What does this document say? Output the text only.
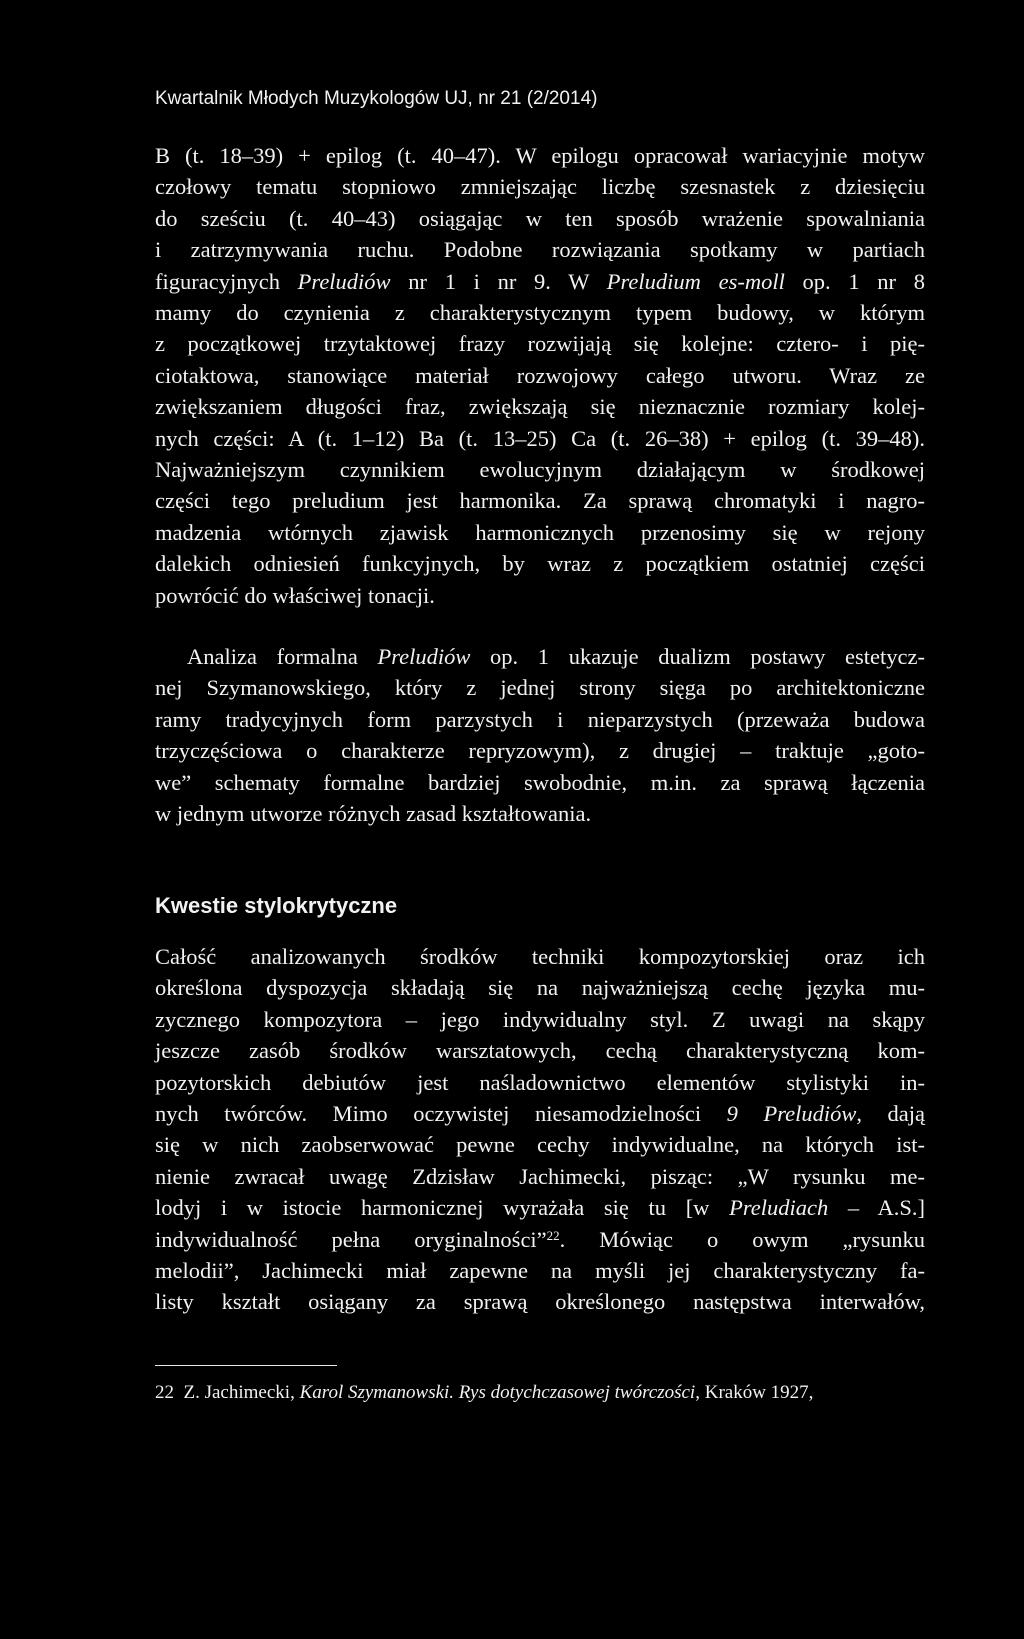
Kwartalnik Młodych Muzykologów UJ, nr 21 (2/2014)
B (t. 18–39) + epilog (t. 40–47). W epilogu opracował wariacyjnie motyw
czołowy tematu stopniowo zmniejszając liczbę szesnastek z dziesięciu
do sześciu (t. 40–43) osiągając w ten sposób wrażenie spowalniania
i zatrzymywania ruchu. Podobne rozwiązania spotkamy w partiach
figuracyjnych Preludiów nr 1 i nr 9. W Preludium es-moll op. 1 nr 8
mamy do czynienia z charakterystycznym typem budowy, w którym
z początkowej trzytaktowej frazy rozwijają się kolejne: cztero- i pię-
ciotaktowa, stanowiące materiał rozwojowy całego utworu. Wraz ze
zwiększaniem długości fraz, zwiększają się nieznacznie rozmiary kolej-
nych części: A (t. 1–12) Ba (t. 13–25) Ca (t. 26–38) + epilog (t. 39–48).
Najważniejszym czynnikiem ewolucyjnym działającym w środkowej
części tego preludium jest harmonika. Za sprawą chromatyki i nagro-
madzenia wtórnych zjawisk harmonicznych przenosimy się w rejony
dalekich odniesień funkcyjnych, by wraz z początkiem ostatniej części
powrócić do właściwej tonacji.
Analiza formalna Preludiów op. 1 ukazuje dualizm postawy estetycz-
nej Szymanowskiego, który z jednej strony sięga po architektoniczne
ramy tradycyjnych form parzystych i nieparzystych (przeważa budowa
trzyczęściowa o charakterze repryzowym), z drugiej – traktuje „goto-
we” schematy formalne bardziej swobodnie, m.in. za sprawą łączenia
w jednym utworze różnych zasad kształtowania.
Kwestie stylokrytyczne
Całość analizowanych środków techniki kompozytorskiej oraz ich
określona dyspozycja składają się na najważniejszą cechę języka mu-
zycznego kompozytora – jego indywidualny styl. Z uwagi na skąpy
jeszcze zasób środków warsztatowych, cechą charakterystyczną kom-
pozytorskich debiutów jest naśladownictwo elementów stylistyki in-
nych twórców. Mimo oczywistej niesamodzielności 9 Preludiów, dają
się w nich zaobserwować pewne cechy indywidualne, na których ist-
nienie zwracał uwagę Zdzisław Jachimecki, pisząc: „W rysunku me-
lodyj i w istocie harmonicznej wyrażała się tu [w Preludiach – A.S.]
indywidualność pełna oryginalności”$^{22}$. Mówiąc o owym „rysunku
melodii”, Jachimecki miał zapewne na myśli jej charakterystyczny fa-
listy kształt osiągany za sprawą określonego następstwa interwałów,
22  Z. Jachimecki, Karol Szymanowski. Rys dotychczasowej twórczości, Kraków 1927,
